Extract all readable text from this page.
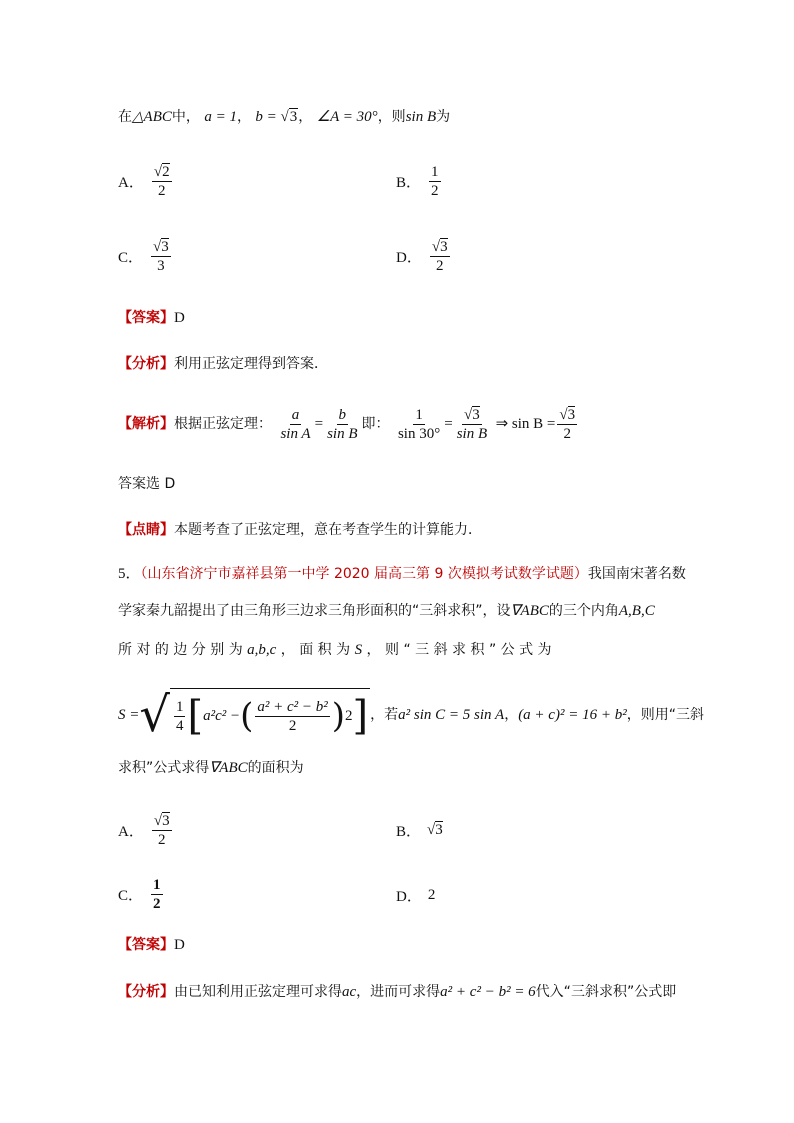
在△ABC中， a = 1， b = √3， ∠A = 30°，则sin B为
A． $\frac{√2}{2}$	B． $\frac{1}{2}$
C． $\frac{√3}{3}$	D． $\frac{√3}{2}$
【答案】D
【分析】利用正弦定理得到答案．
【解析】根据正弦定理： $\frac{a}{\text{sin A}} = \frac{b}{\text{sin B}}$ 即： $\frac{1}{\sin 30^\circ} = \frac{√3}{\text{sin B}}$ ⇒ $\sin B = \frac{√3}{2}$
答案选 D
【点睛】本题考查了正弦定理，意在考查学生的计算能力．
5．（山东省济宁市嘉祥县第一中学 2020 届高三第 9 次模拟考试数学试题）我国南宋著名数
学家秦九韶提出了由三角形三边求三角形面积的“三斜求积”，设∇ABC的三个内角A,B,C
所 对 的 边 分 别 为 a,b,c ， 面 积 为 S ， 则 “ 三 斜 求 积 ” 公 式 为
S = √ $\frac{1}{4}$ [ a²c² − ( $\frac{\text{a² + c² − b²}}{2}$ ) 2 ] ，若 a² sin C = 5 sin A ， (a + c)² = 16 + b² ，则用“三斜
求积”公式求得∇ABC的面积为
A． $\frac{√3}{2}$	B． √3
C． $\frac{1}{2}$	D． 2
【答案】D
【分析】由已知利用正弦定理可求得ac，进而可求得a² + c² − b² = 6代入“三斜求积”公式即
